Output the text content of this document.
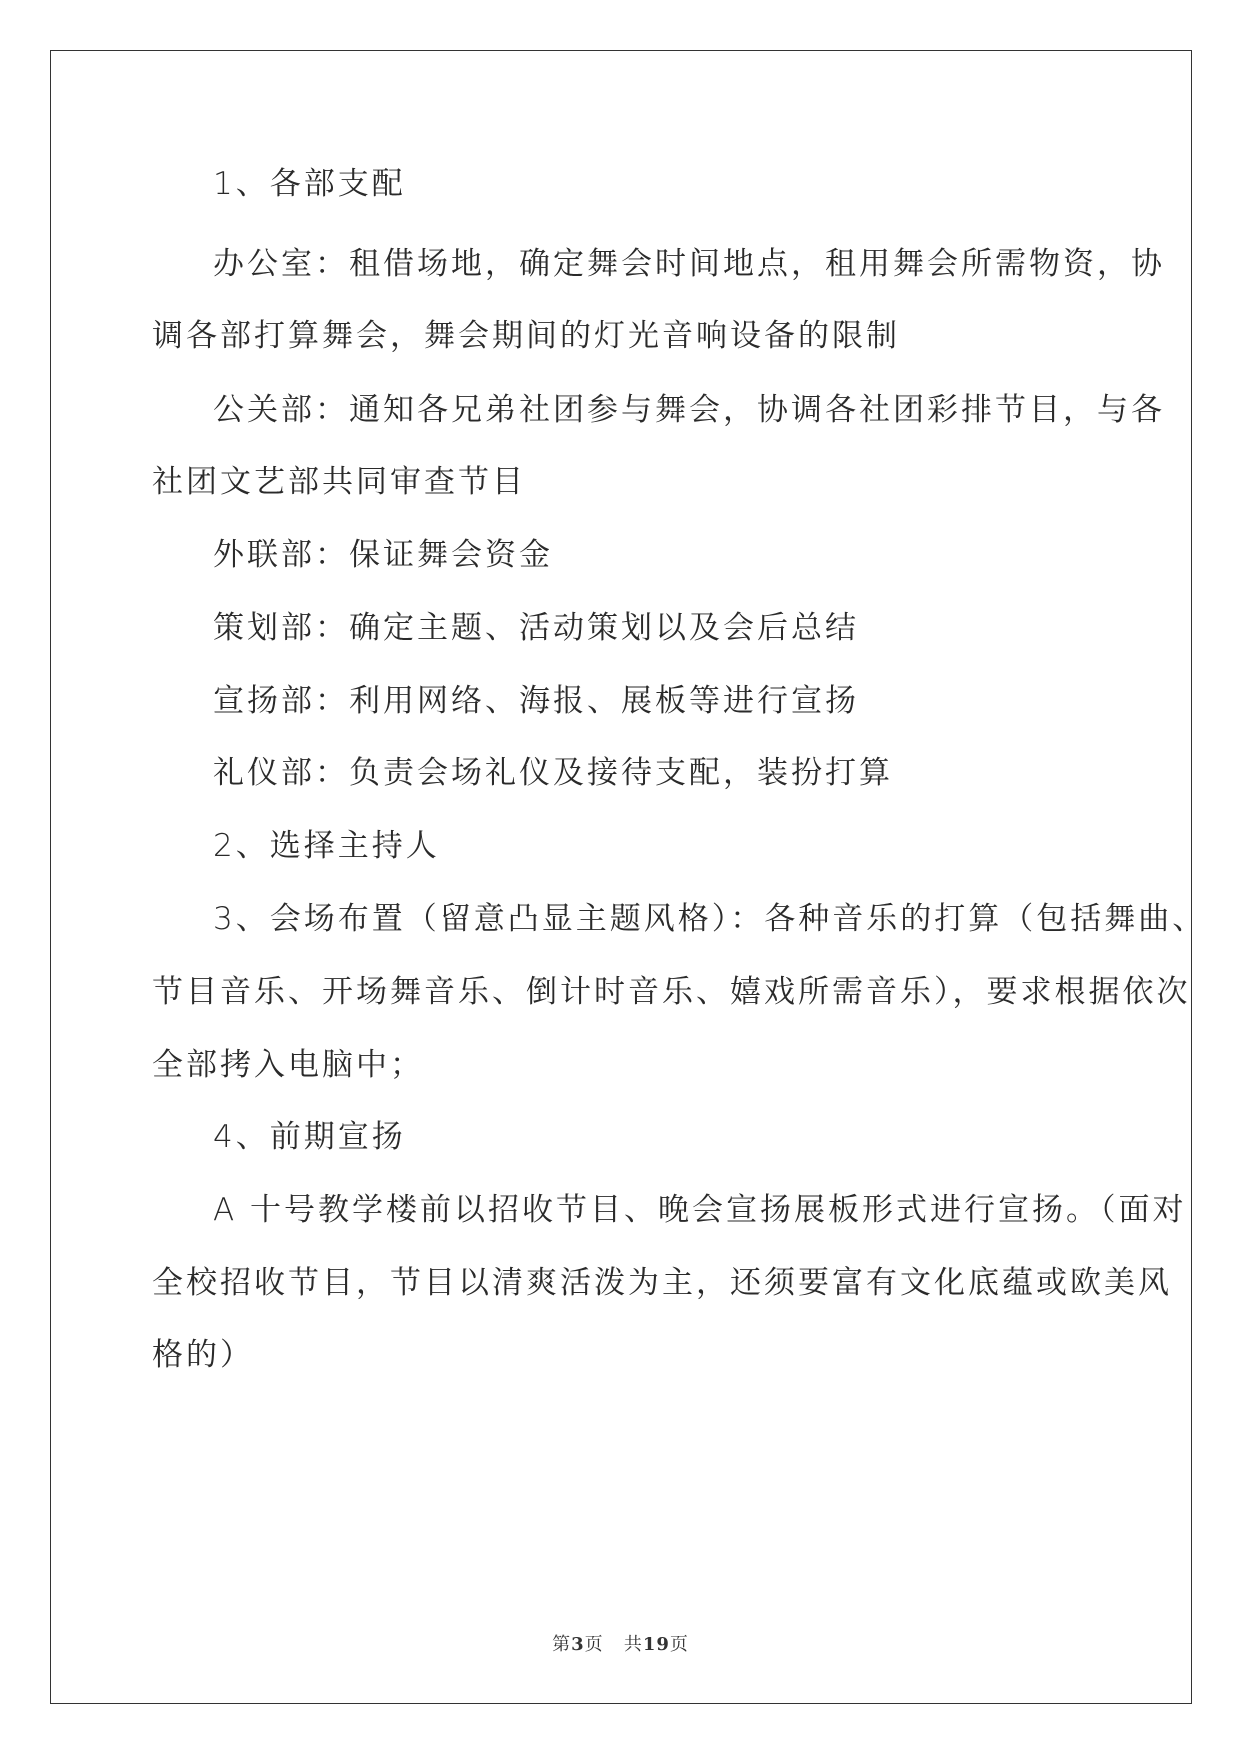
1、各部支配
办公室：租借场地，确定舞会时间地点，租用舞会所需物资，协
调各部打算舞会，舞会期间的灯光音响设备的限制
公关部：通知各兄弟社团参与舞会，协调各社团彩排节目，与各
社团文艺部共同审查节目
外联部：保证舞会资金
策划部：确定主题、活动策划以及会后总结
宣扬部：利用网络、海报、展板等进行宣扬
礼仪部：负责会场礼仪及接待支配，装扮打算
2、选择主持人
3、会场布置（留意凸显主题风格）：各种音乐的打算（包括舞曲、
节目音乐、开场舞音乐、倒计时音乐、嬉戏所需音乐），要求根据依次
全部拷入电脑中；
4、前期宣扬
A 十号教学楼前以招收节目、晚会宣扬展板形式进行宣扬。（面对
全校招收节目，节目以清爽活泼为主，还须要富有文化底蕴或欧美风
格的）
第3页 共19页
